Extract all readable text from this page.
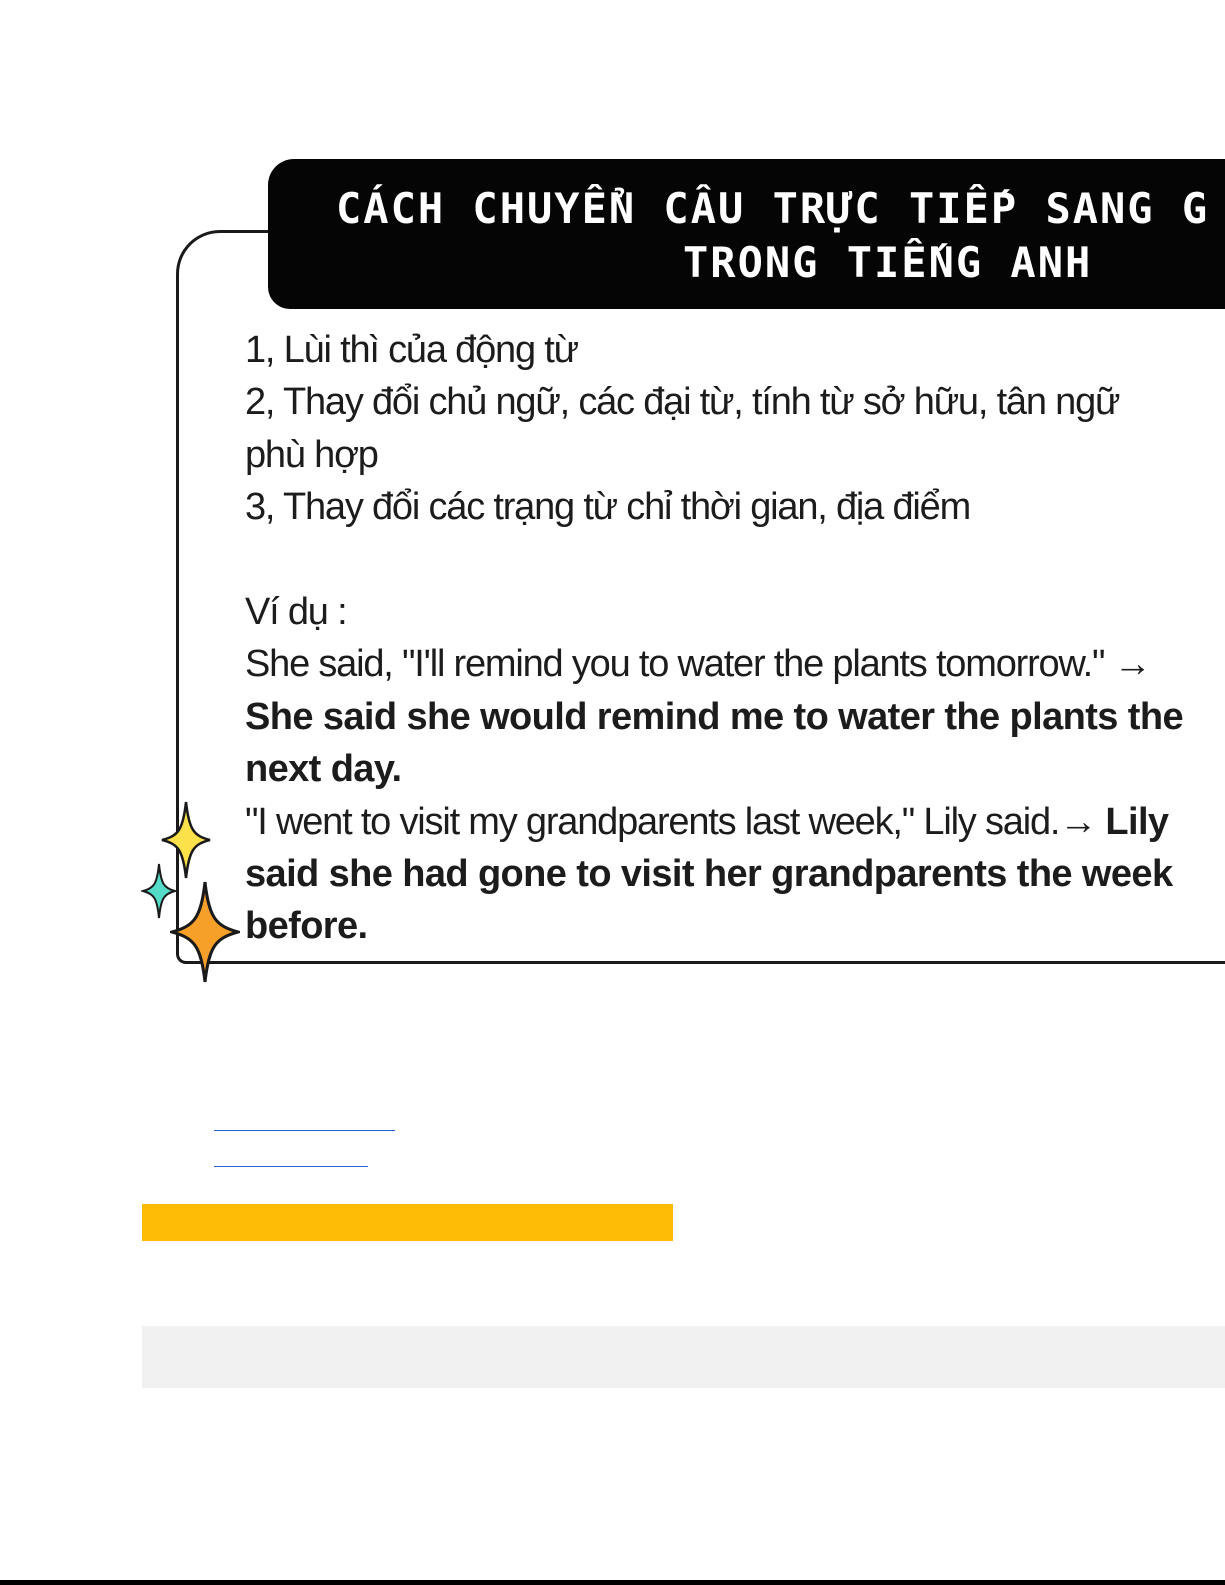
CÁCH CHUYỂN CÂU TRỰC TIẾP SANG G
TRONG TIẾNG ANH
1, Lùi thì của động từ
2, Thay đổi chủ ngữ, các đại từ, tính từ sở hữu, tân ngữ
phù hợp
3, Thay đổi các trạng từ chỉ thời gian, địa điểm
Ví dụ :
She said, "I'll remind you to water the plants tomorrow." →
She said she would remind me to water the plants the
next day.
"I went to visit my grandparents last week," Lily said.→ Lily
said she had gone to visit her grandparents the week
before.
